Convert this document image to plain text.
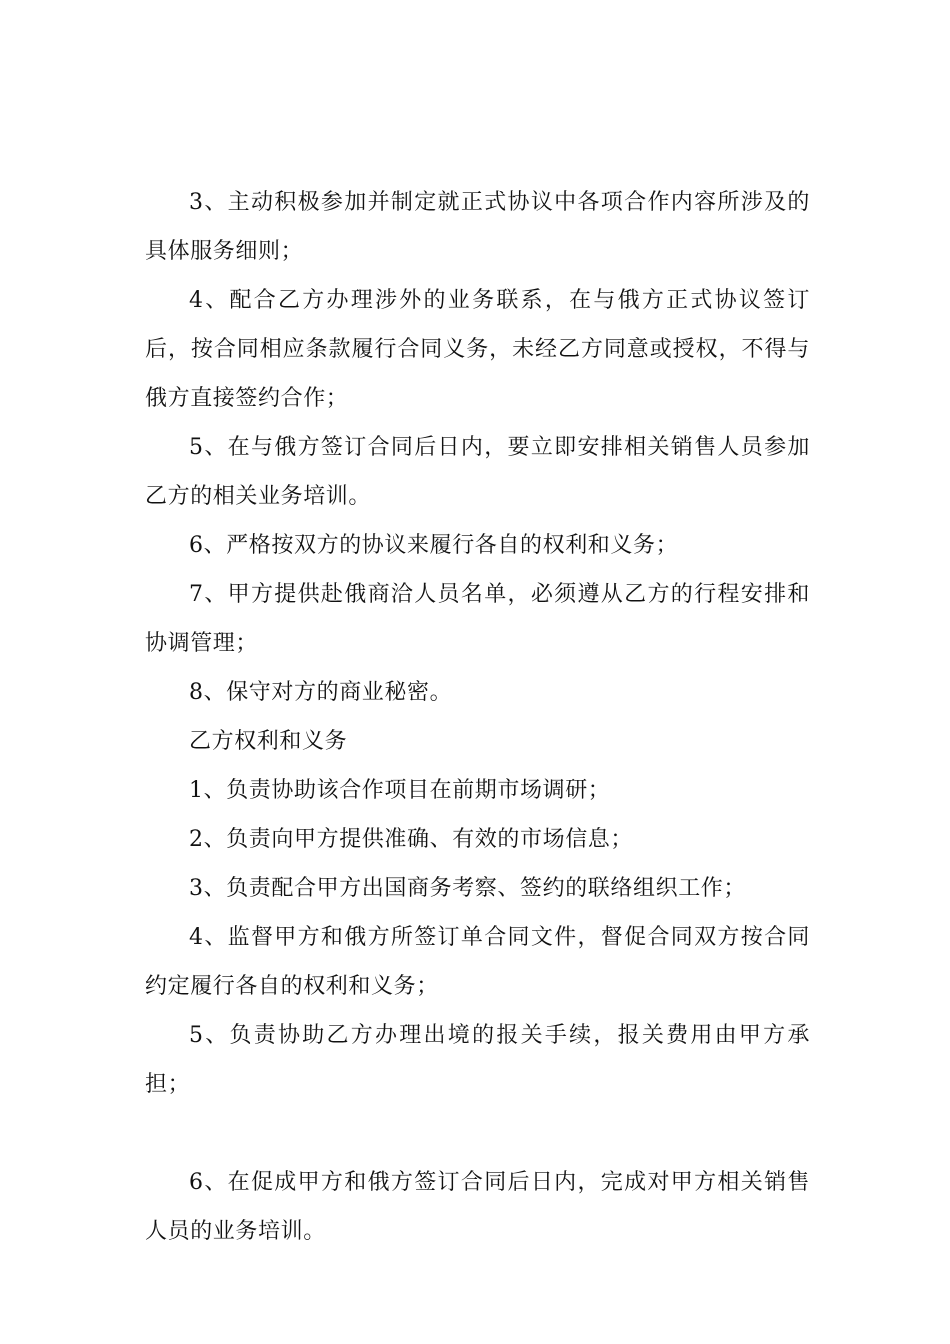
3、主动积极参加并制定就正式协议中各项合作内容所涉及的具体服务细则；

4、配合乙方办理涉外的业务联系，在与俄方正式协议签订后，按合同相应条款履行合同义务，未经乙方同意或授权，不得与俄方直接签约合作；

5、在与俄方签订合同后日内，要立即安排相关销售人员参加乙方的相关业务培训。

6、严格按双方的协议来履行各自的权利和义务；

7、甲方提供赴俄商洽人员名单，必须遵从乙方的行程安排和协调管理；

8、保守对方的商业秘密。

乙方权利和义务

1、负责协助该合作项目在前期市场调研；

2、负责向甲方提供准确、有效的市场信息；

3、负责配合甲方出国商务考察、签约的联络组织工作；

4、监督甲方和俄方所签订单合同文件，督促合同双方按合同约定履行各自的权利和义务；

5、负责协助乙方办理出境的报关手续，报关费用由甲方承担；

6、在促成甲方和俄方签订合同后日内，完成对甲方相关销售人员的业务培训。
